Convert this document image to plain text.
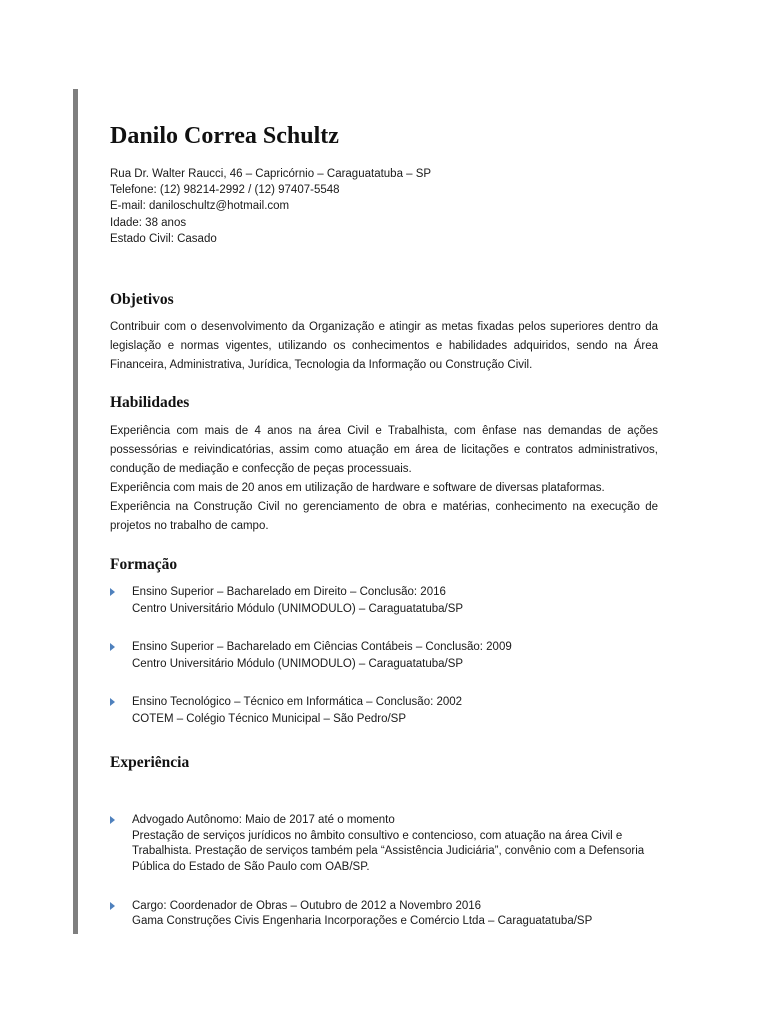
Danilo Correa Schultz
Rua Dr. Walter Raucci, 46 – Capricórnio – Caraguatatuba – SP
Telefone: (12) 98214-2992 / (12) 97407-5548
E-mail: daniloschultz@hotmail.com
Idade: 38 anos
Estado Civil: Casado
Objetivos

Contribuir com o desenvolvimento da Organização e atingir as metas fixadas pelos superiores dentro da legislação e normas vigentes, utilizando os conhecimentos e habilidades adquiridos, sendo na Área Financeira, Administrativa, Jurídica, Tecnologia da Informação ou Construção Civil.

Habilidades

Experiência com mais de 4 anos na área Civil e Trabalhista, com ênfase nas demandas de ações possessórias e reivindicatórias, assim como atuação em área de licitações e contratos administrativos, condução de mediação e confecção de peças processuais.

Experiência com mais de 20 anos em utilização de hardware e software de diversas plataformas.

Experiência na Construção Civil no gerenciamento de obra e matérias, conhecimento na execução de projetos no trabalho de campo.

Formação
Ensino Superior – Bacharelado em Direito – Conclusão: 2016
Centro Universitário Módulo (UNIMODULO) – Caraguatatuba/SP
Ensino Superior – Bacharelado em Ciências Contábeis – Conclusão: 2009
Centro Universitário Módulo (UNIMODULO) – Caraguatatuba/SP
Ensino Tecnológico – Técnico em Informática – Conclusão: 2002
COTEM – Colégio Técnico Municipal – São Pedro/SP
Experiência
Advogado Autônomo: Maio de 2017 até o momento
Prestação de serviços jurídicos no âmbito consultivo e contencioso, com atuação na área Civil e Trabalhista. Prestação de serviços também pela “Assistência Judiciária”, convênio com a Defensoria Pública do Estado de São Paulo com OAB/SP.
Cargo: Coordenador de Obras – Outubro de 2012 a Novembro 2016
Gama Construções Civis Engenharia Incorporações e Comércio Ltda – Caraguatatuba/SP
